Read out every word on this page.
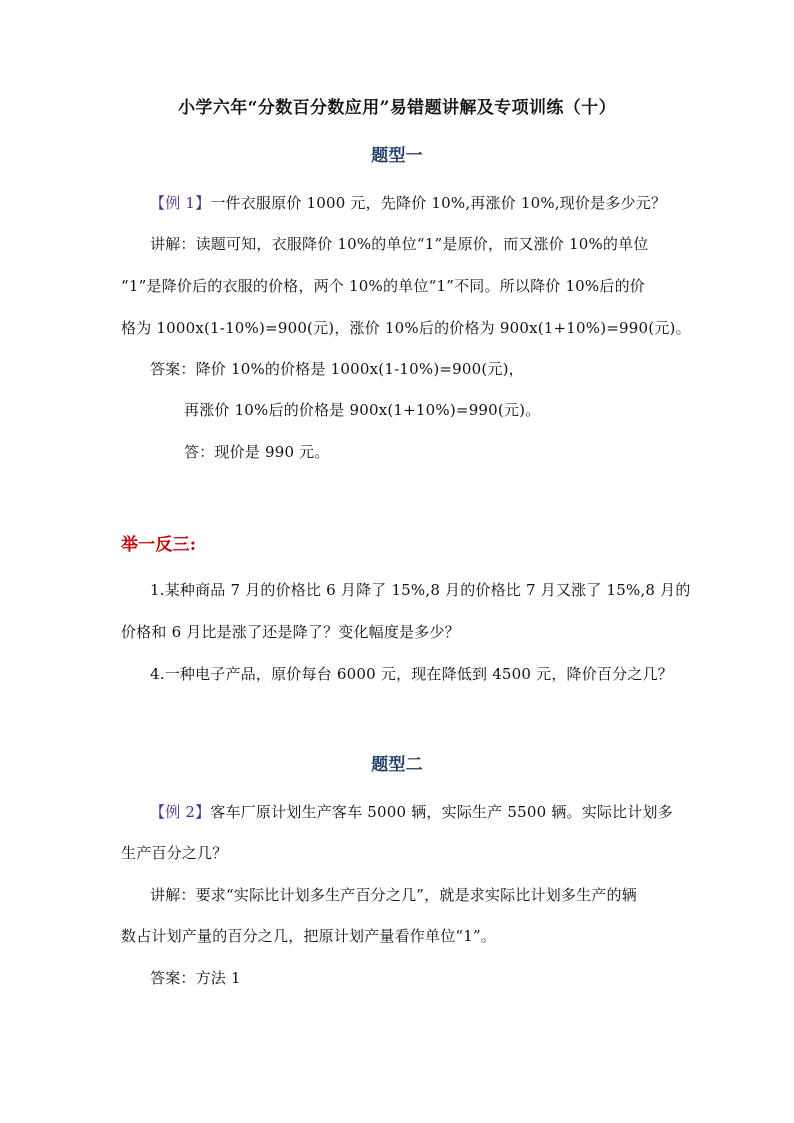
小学六年“分数百分数应用”易错题讲解及专项训练（十）
题型一
【例 1】一件衣服原价 1000 元，先降价 10%,再涨价 10%,现价是多少元？
讲解：读题可知，衣服降价 10%的单位“1”是原价，而又涨价 10%的单位
“1”是降价后的衣服的价格，两个 10%的单位“1”不同。所以降价 10%后的价
格为 1000x(1-10%)=900(元)，涨价 10%后的价格为 900x(1+10%)=990(元)。
答案：降价 10%的价格是 1000x(1-10%)=900(元)，
再涨价 10%后的价格是 900x(1+10%)=990(元)。
答：现价是 990 元。
举一反三:
1.某种商品 7 月的价格比 6 月降了 15%,8 月的价格比 7 月又涨了 15%,8 月的
价格和 6 月比是涨了还是降了？变化幅度是多少？
4.一种电子产品，原价每台 6000 元，现在降低到 4500 元，降价百分之几？
题型二
【例 2】客车厂原计划生产客车 5000 辆，实际生产 5500 辆。实际比计划多
生产百分之几？
讲解：要求“实际比计划多生产百分之几”，就是求实际比计划多生产的辆
数占计划产量的百分之几，把原计划产量看作单位“1”。
答案：方法 1
